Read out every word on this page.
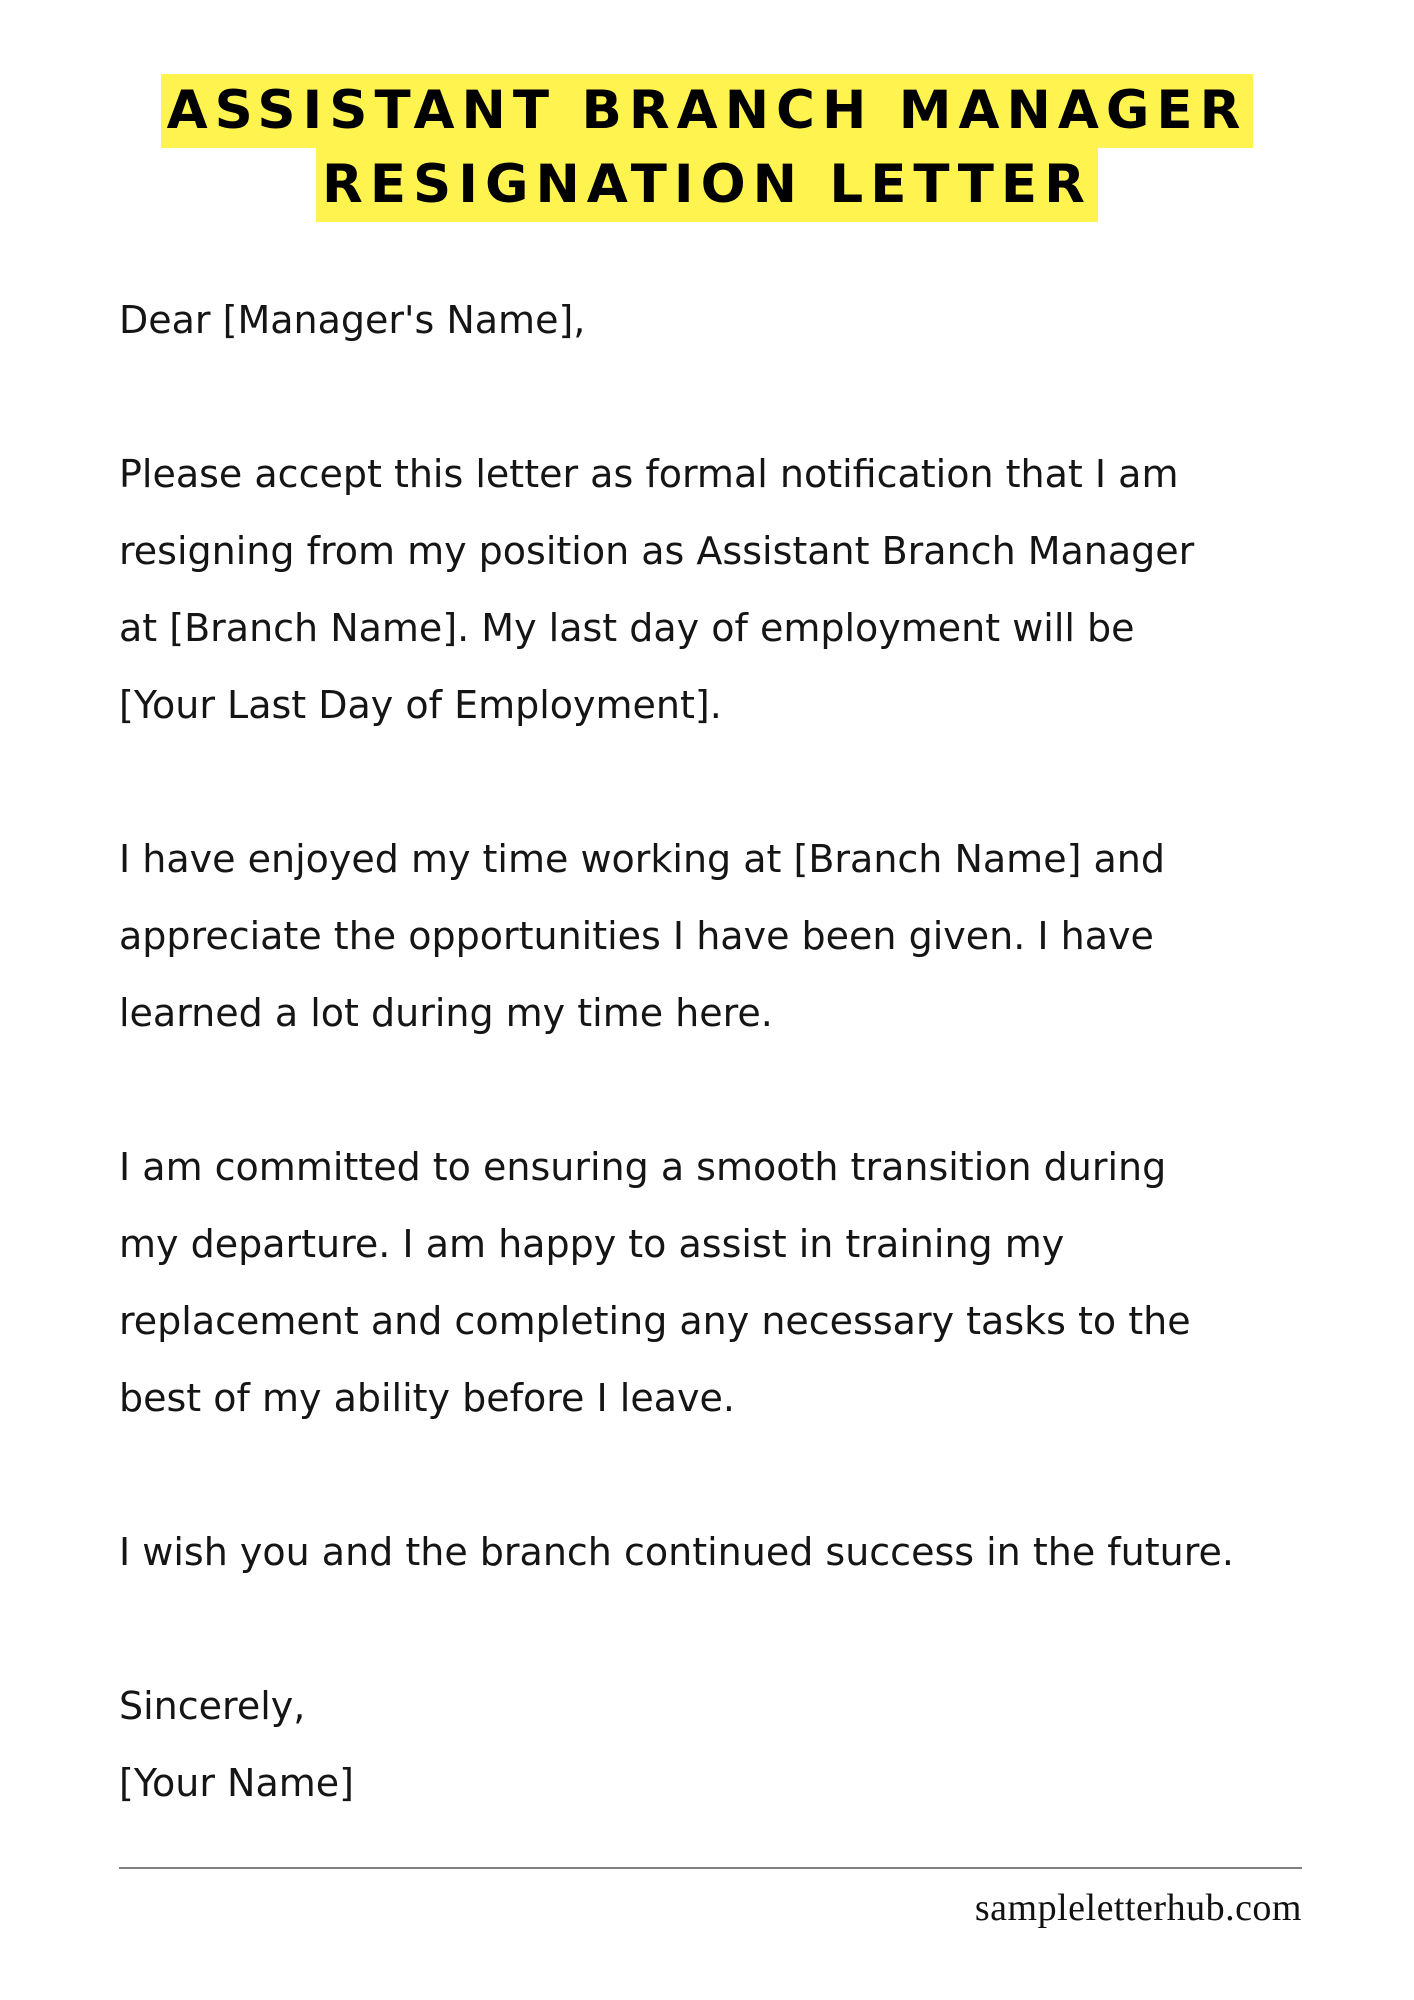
ASSISTANT BRANCH MANAGER
RESIGNATION LETTER

Dear [Manager's Name],

Please accept this letter as formal notification that I am
resigning from my position as Assistant Branch Manager
at [Branch Name]. My last day of employment will be
[Your Last Day of Employment].

I have enjoyed my time working at [Branch Name] and
appreciate the opportunities I have been given. I have
learned a lot during my time here.

I am committed to ensuring a smooth transition during
my departure. I am happy to assist in training my
replacement and completing any necessary tasks to the
best of my ability before I leave.

I wish you and the branch continued success in the future.

Sincerely,

[Your Name]

sampleletterhub.com
